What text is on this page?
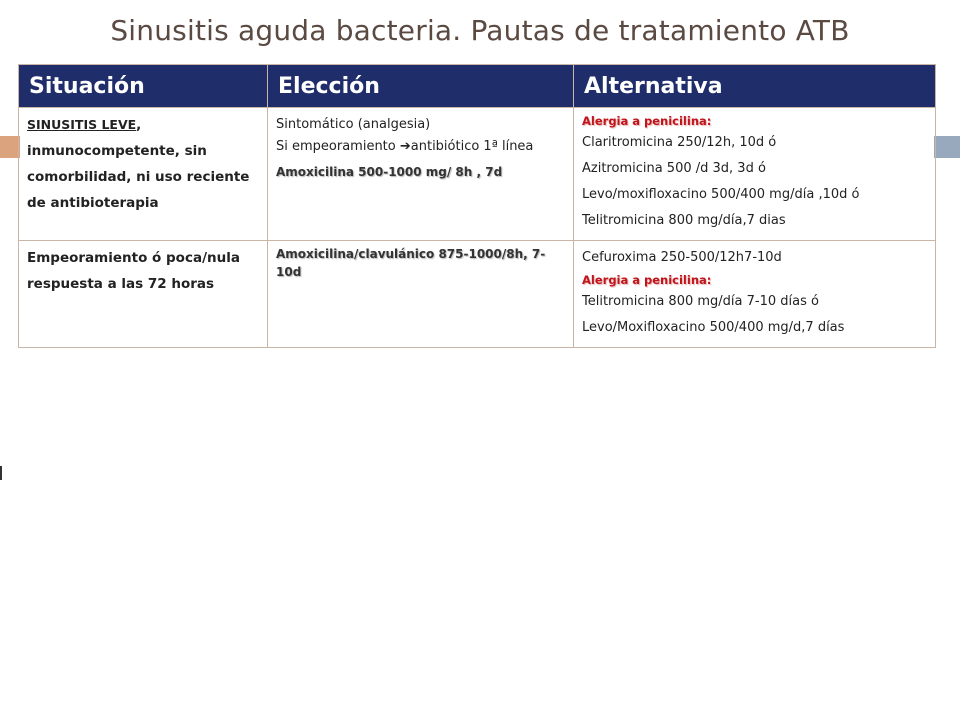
Sinusitis aguda bacteria. Pautas de tratamiento ATB
Situación	Elección	Alternativa
SINUSITIS LEVE, inmunocompetente, sin comorbilidad, ni uso reciente de antibioterapia	Sintomático (analgesia)
Si empeoramiento ➔antibiótico 1ª línea
Amoxicilina 500-1000 mg/ 8h , 7d	Alergia a penicilina:
Claritromicina 250/12h, 10d ó
Azitromicina 500 /d 3d, 3d ó
Levo/moxifloxacino 500/400 mg/día ,10d ó
Telitromicina 800 mg/día,7 dias

Empeoramiento ó poca/nula respuesta a las 72 horas	Amoxicilina/clavulánico 875-1000/8h, 7-10d	Cefuroxima 250-500/12h7-10d
Alergia a penicilina:
Telitromicina 800 mg/día 7-10 días ó
Levo/Moxifloxacino 500/400 mg/d,7 días
